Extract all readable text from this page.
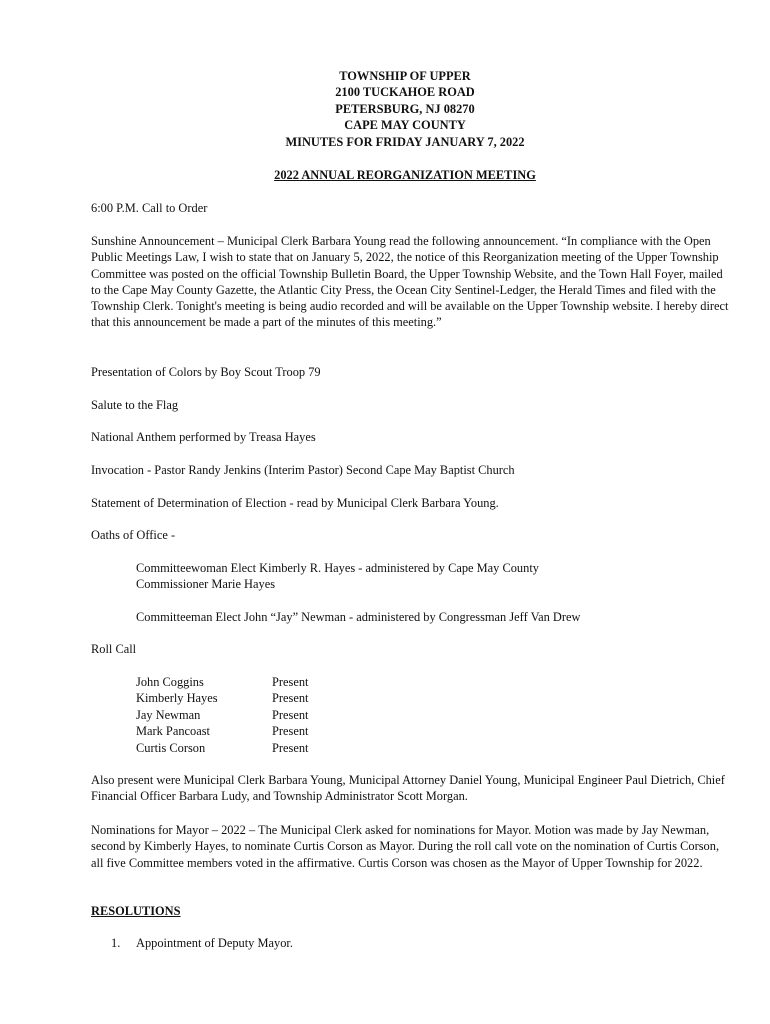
TOWNSHIP OF UPPER
2100 TUCKAHOE ROAD
PETERSBURG, NJ 08270
CAPE MAY COUNTY
MINUTES FOR FRIDAY JANUARY 7, 2022
2022 ANNUAL REORGANIZATION MEETING

6:00 P.M. Call to Order

Sunshine Announcement – Municipal Clerk Barbara Young read the following announcement. “In compliance with the Open Public Meetings Law, I wish to state that on January 5, 2022, the notice of this Reorganization meeting of the Upper Township Committee was posted on the official Township Bulletin Board, the Upper Township Website, and the Town Hall Foyer, mailed to the Cape May County Gazette, the Atlantic City Press, the Ocean City Sentinel-Ledger, the Herald Times and filed with the Township Clerk. Tonight's meeting is being audio recorded and will be available on the Upper Township website. I hereby direct that this announcement be made a part of the minutes of this meeting.”

Presentation of Colors by Boy Scout Troop 79

Salute to the Flag

National Anthem performed by Treasa Hayes

Invocation - Pastor Randy Jenkins (Interim Pastor) Second Cape May Baptist Church

Statement of Determination of Election - read by Municipal Clerk Barbara Young.

Oaths of Office -

Committeewoman Elect Kimberly R. Hayes - administered by Cape May County Commissioner Marie Hayes

Committeeman Elect John “Jay” Newman - administered by Congressman Jeff Van Drew

Roll Call

John Coggins	Present
Kimberly Hayes	Present
Jay Newman	Present
Mark Pancoast	Present
Curtis Corson	Present

Also present were Municipal Clerk Barbara Young, Municipal Attorney Daniel Young, Municipal Engineer Paul Dietrich, Chief Financial Officer Barbara Ludy, and Township Administrator Scott Morgan.

Nominations for Mayor – 2022 – The Municipal Clerk asked for nominations for Mayor. Motion was made by Jay Newman, second by Kimberly Hayes, to nominate Curtis Corson as Mayor. During the roll call vote on the nomination of Curtis Corson, all five Committee members voted in the affirmative. Curtis Corson was chosen as the Mayor of Upper Township for 2022.

RESOLUTIONS
1.	Appointment of Deputy Mayor.
